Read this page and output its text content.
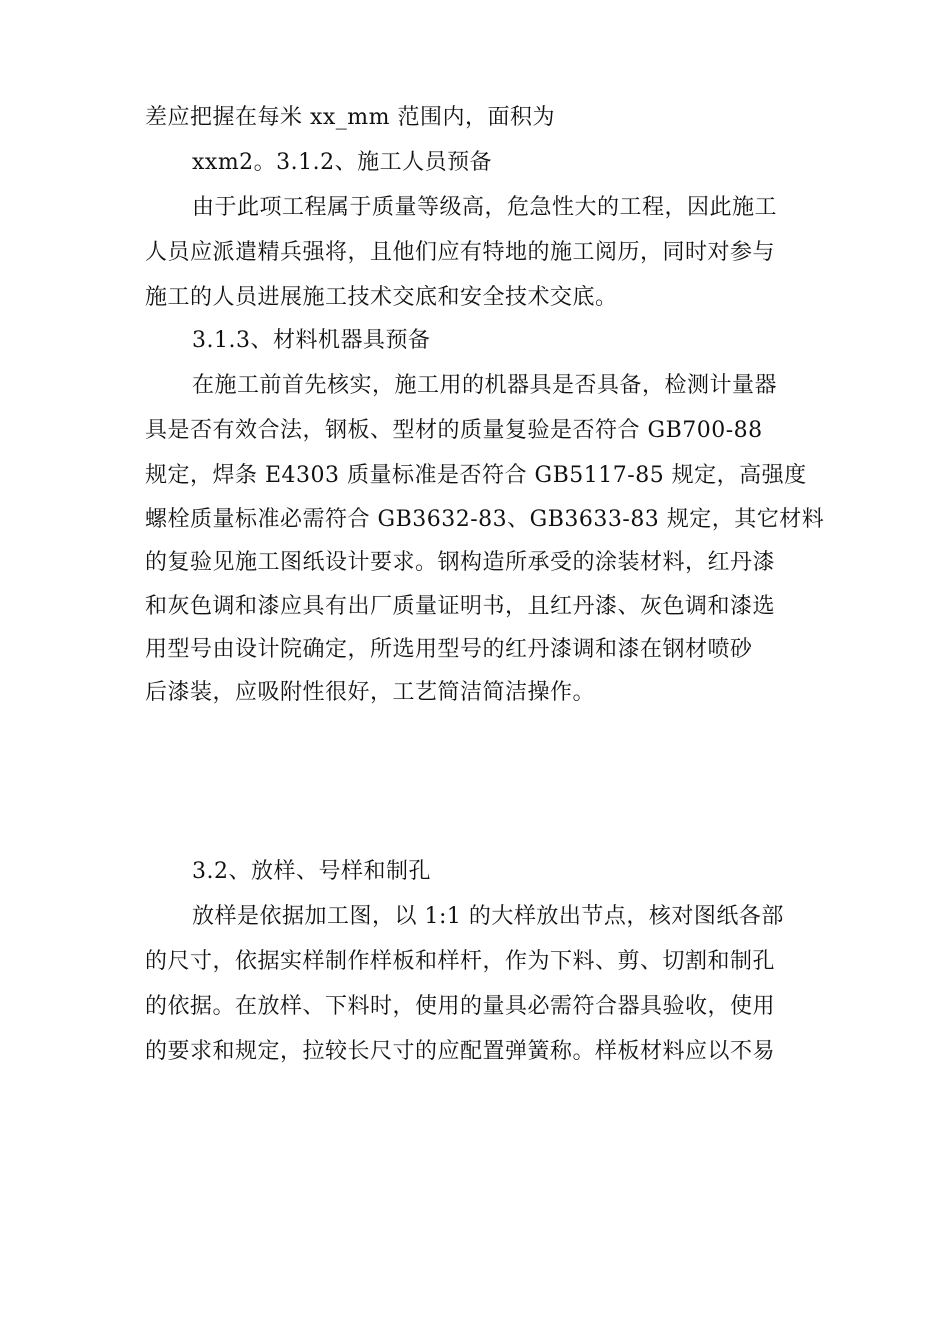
差应把握在每米 xx_mm 范围内，面积为
xxm2。3.1.2、施工人员预备
由于此项工程属于质量等级高，危急性大的工程，因此施工
人员应派遣精兵强将，且他们应有特地的施工阅历，同时对参与
施工的人员进展施工技术交底和安全技术交底。
3.1.3、材料机器具预备
在施工前首先核实，施工用的机器具是否具备，检测计量器
具是否有效合法，钢板、型材的质量复验是否符合 GB700-88
规定，焊条 E4303 质量标准是否符合 GB5117-85 规定，高强度
螺栓质量标准必需符合 GB3632-83、GB3633-83 规定，其它材料
的复验见施工图纸设计要求。钢构造所承受的涂装材料，红丹漆
和灰色调和漆应具有出厂质量证明书，且红丹漆、灰色调和漆选
用型号由设计院确定，所选用型号的红丹漆调和漆在钢材喷砂
后漆装，应吸附性很好，工艺简洁简洁操作。
3.2、放样、号样和制孔
放样是依据加工图，以 1:1 的大样放出节点，核对图纸各部
的尺寸，依据实样制作样板和样杆，作为下料、剪、切割和制孔
的依据。在放样、下料时，使用的量具必需符合器具验收，使用
的要求和规定，拉较长尺寸的应配置弹簧称。样板材料应以不易
